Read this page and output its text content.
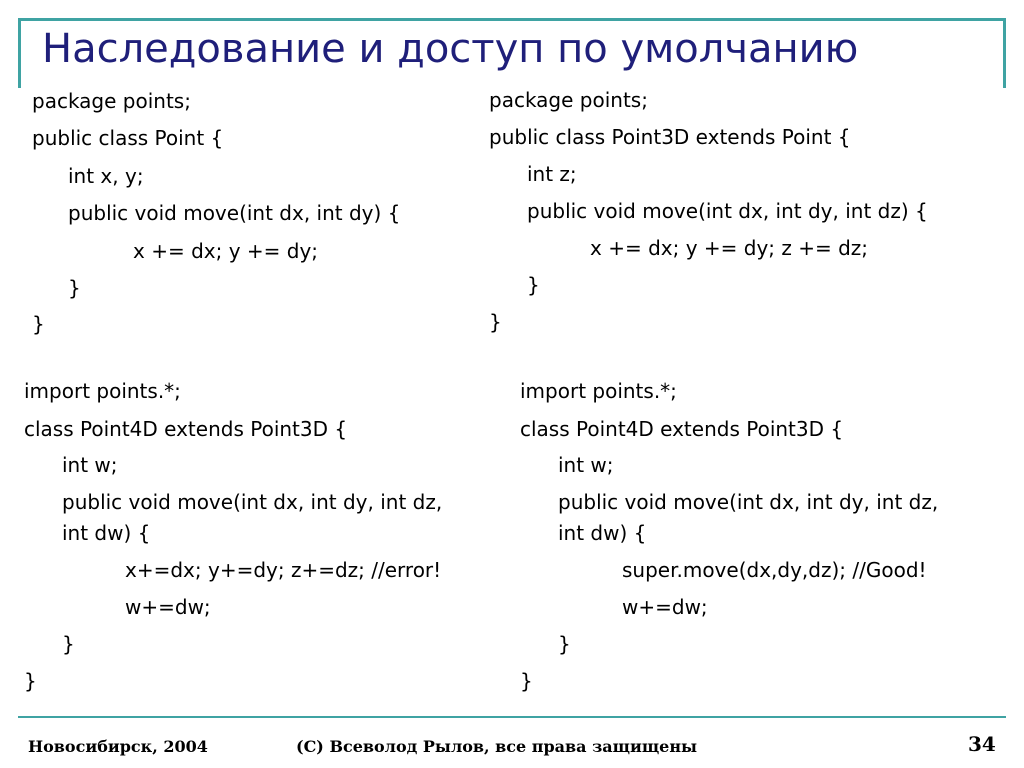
Наследование и доступ по умолчанию
package points;
public class Point {
int x, y;
public void move(int dx, int dy) {
x += dx; y += dy;
}
}
package points;
public class Point3D extends Point {
int z;
public void move(int dx, int dy, int dz) {
x += dx; y += dy; z += dz;
}
}
import points.*;
class Point4D extends Point3D {
int w;
public void move(int dx, int dy, int dz,
int dw) {
x+=dx; y+=dy; z+=dz; //error!
w+=dw;
}
}
import points.*;
class Point4D extends Point3D {
int w;
public void move(int dx, int dy, int dz,
int dw) {
super.move(dx,dy,dz); //Good!
w+=dw;
}
}
Новосибирск, 2004	(С) Всеволод Рылов, все права защищены	34
